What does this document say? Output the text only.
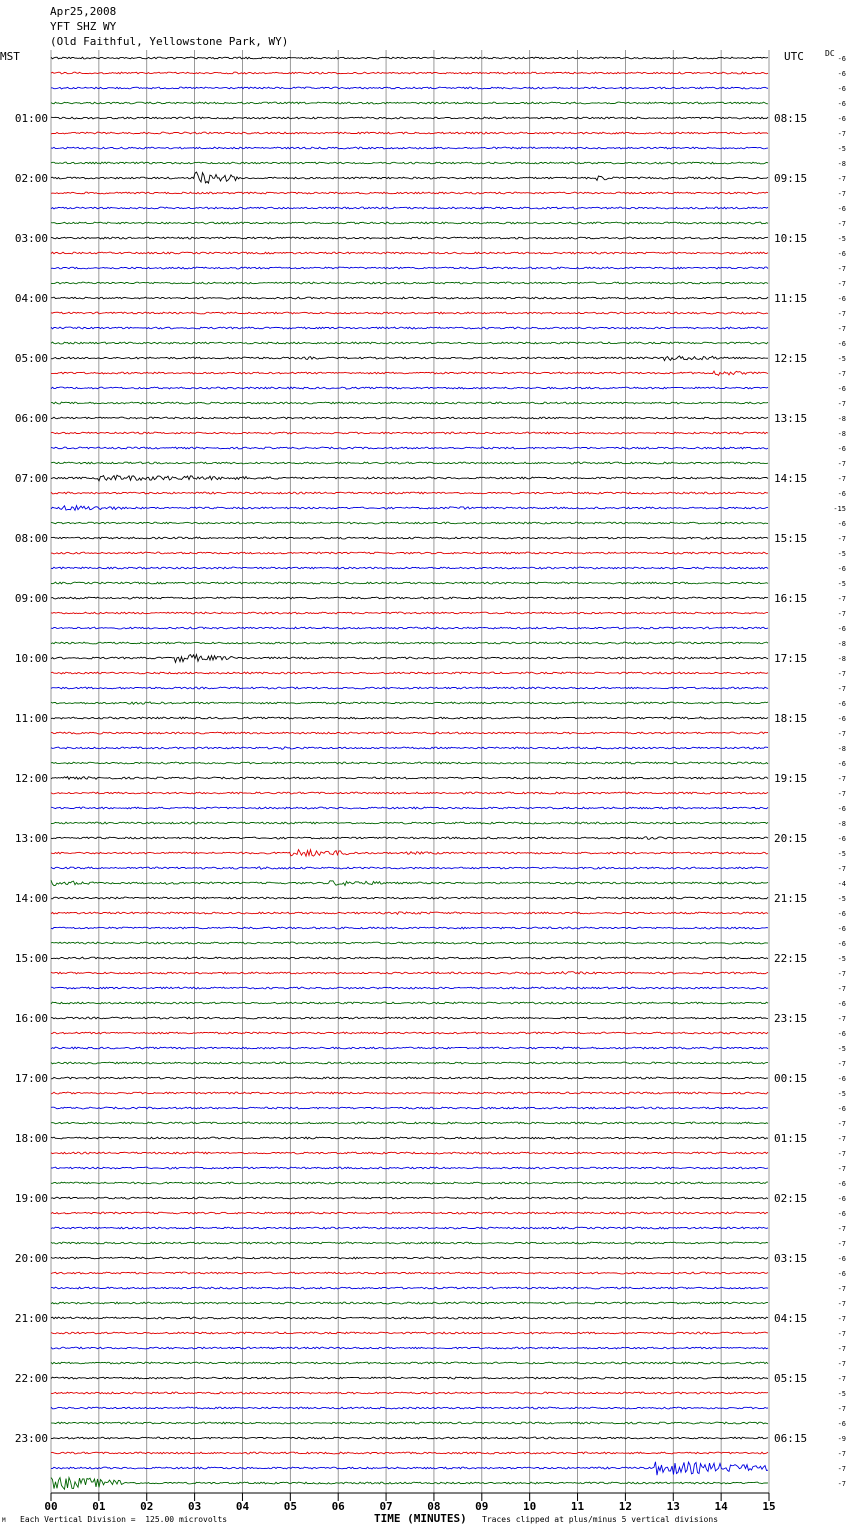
Apr25,2008
YFT SHZ WY
(Old Faithful, Yellowstone Park, WY)
00	01	02	03	04	05	06	07	08	09	10	11	12	13	14	15
01:00
02:00
03:00
04:00
05:00
06:00
07:00
08:00
09:00
10:00
11:00
12:00
13:00
14:00
15:00
16:00
17:00
18:00
19:00
20:00
21:00
22:00
23:00
08:15
09:15
10:15
11:15
12:15
13:15
14:15
15:15
16:15
17:15
18:15
19:15
20:15
21:15
22:15
23:15
00:15
01:15
02:15
03:15
04:15
05:15
06:15
-6
-6
-6
-6
-6
-7
-5
-8
-7
-7
-6
-7
-5
-6
-7
-7
-6
-7
-7
-6
-5
-7
-6
-7
-8
-8
-6
-7
-7
-6
-15
-6
-7
-5
-6
-5
-7
-7
-6
-8
-8
-7
-7
-6
-6
-7
-8
-6
-7
-7
-6
-8
-6
-5
-7
-4
-5
-6
-6
-6
-5
-7
-7
-6
-7
-6
-5
-7
-6
-5
-6
-7
-7
-7
-7
-6
-6
-6
-7
-7
-6
-6
-7
-7
-7
-7
-7
-7
-7
-5
-7
-6
-9
-7
-7
-7
MST	UTC	DC
TIME (MINUTES)
Each Vertical Division =  125.00 microvolts	Traces clipped at plus/minus 5 vertical divisions
M
